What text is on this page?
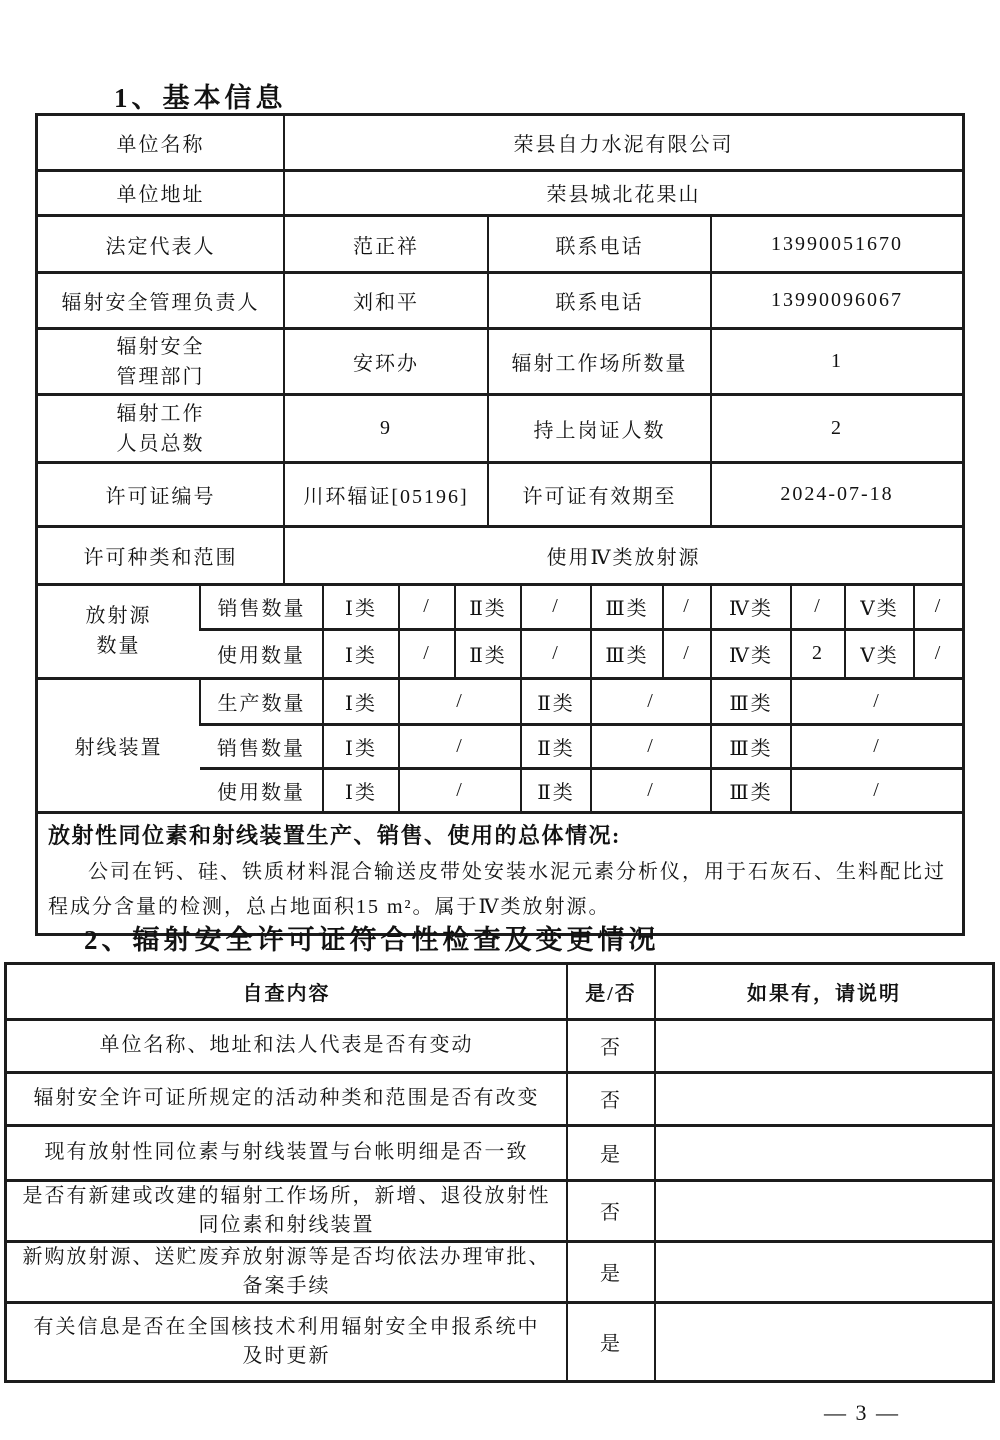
1、基本信息
单位名称	荣县自力水泥有限公司
单位地址	荣县城北花果山
法定代表人	范正祥	联系电话	13990051670
辐射安全管理负责人	刘和平	联系电话	13990096067

辐射安全
管理部门	安环办	辐射工作场所数量	1

辐射工作
人员总数	9	持上岗证人数	2
许可证编号	川环辐证[05196]	许可证有效期至	2024-07-18
许可种类和范围	使用Ⅳ类放射源		
放射源
数量	销售数量	Ⅰ类	/	Ⅱ类	/	Ⅲ类	/	Ⅳ类	/	Ⅴ类	/
	使用数量	Ⅰ类	/	Ⅱ类	/	Ⅲ类	/	Ⅳ类	2	Ⅴ类	/
射线装置	生产数量	Ⅰ类	/	Ⅱ类	/	Ⅲ类	/
	销售数量	Ⅰ类	/	Ⅱ类	/	Ⅲ类	/
	使用数量	Ⅰ类	/	Ⅱ类	/	Ⅲ类	/
放射性同位素和射线装置生产、销售、使用的总体情况:

公司在钙、硅、铁质材料混合输送皮带处安装水泥元素分析仪，用于石灰石、生料配比过程成分含量的检测，总占地面积15 m²。属于Ⅳ类放射源。

2、辐射安全许可证符合性检查及变更情况
自查内容	是/否	如果有，请说明

单位名称、地址和法人代表是否有变动	否	

辐射安全许可证所规定的活动种类和范围是否有改变	否	

现有放射性同位素与射线装置与台帐明细是否一致	是	

是否有新建或改建的辐射工作场所，新增、退役放射性
同位素和射线装置	否	

新购放射源、送贮废弃放射源等是否均依法办理审批、
备案手续	是	

有关信息是否在全国核技术利用辐射安全申报系统中
及时更新	是	
— 3 —
